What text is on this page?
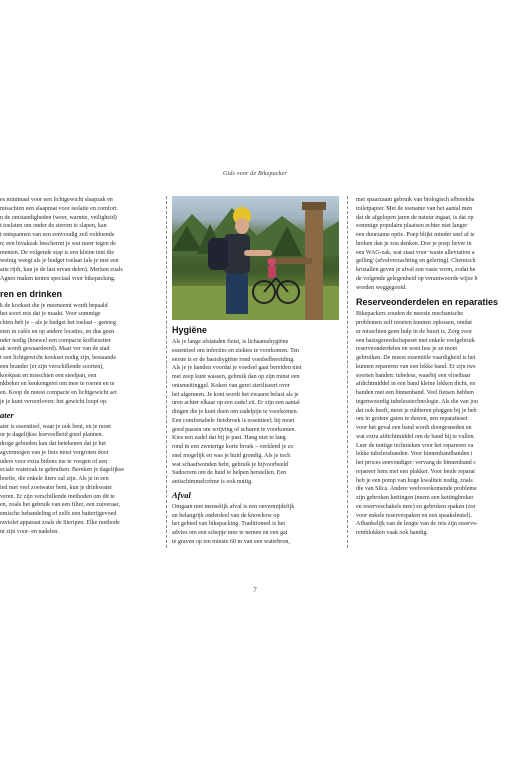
Gids voor de Bikepacker

es minimaal voor een lichtgewicht slaapzak en

misschien een slaapmat voor isolatie en comfort.

n de omstandigheden (weer, warmte, veiligheid)

t toelaten om onder de sterren te slapen, kan

t ontspannen van een eenvoudig zeil voldoende

n; een bivakzak beschermt je wat meer tegen de

menten. De volgende stap is een kleine tent die

weinig weegt als je budget toelaat (als je met een

atie rijdt, kun je de last ervan delen). Merken zoals

Agnes maken tenten speciaal voor bikepacking.

ren en drinken

k de kookset die je meeneemt wordt bepaald

het soort reis dat je maakt. Voor sommige

chten heb je – als je budget het toelaat – genoeg

eten in cafés en op andere locaties, en dus geen

nder nodig (hoewel een compacte koffiezetter

ak wordt gewaardeerd). Maar ver van de stad

t een lichtgewicht kookset nodig zijn, bestaande

een brander (er zijn verschillende soorten),

kookpan en misschien een steelpan, een

nkbeker en keukengerei om mee te roeren en te

en. Koop de meest compacte en lichtgewicht set

je je kunt veroorloven: het gewicht loopt op.

ater

ater is essentieel, waar je ook bent, en je moet

or je dagelijkse hoeveelheid goed plannen.

droge gebieden kan dat betekenen dat je het

agvermogen van je fiets moet vergroten door

uders voor extra bidons toe te voegen of een

eciale waterzak te gebruiken. Bereken je dagelijkse

hoefte, die enkele liters zal zijn. Als je in een

ied met veel zoetwater bent, kun je drinkwater

veren. Er zijn verschillende methoden om dit te

en, zoals het gebruik van een filter, een zuiveraar,

emische behandeling of zelfs een batterijgevoed

raviolet apparaat zoals de Steripen. Elke methode

nt zijn voor- en nadelen.

Hygiëne

Als je lange afstanden fietst, is lichaamshygiëne

essentieel om infecties en ziektes te voorkomen. Ten

eerste is er de basishygiëne rond voedselbereiding.

Als je je handen voordat je voedsel gaat bereiden niet

met zeep kunt wassen, gebruik dan op zijn minst een

ontsmettinggel. Koken van gerei steriliseert over

het algemeen. Je kont wordt het zwaarst belast als je

uren achter elkaar op een zadel zit. Er zijn een aantal

dingen die je kunt doen om zadelpijn te voorkomen.

Een comfortabele fietsbroek is essentieel; hij moet

goed passen om wrijving of schuren te voorkomen.

Kies een zadel dat bij je past. Hang niet te lang

rond in een zweterige korte broek – verkleed je zo

snel mogelijk en was je huid grondig. Als je toch

wat schaafwonden hebt, gebruik je bijvoorbeeld

Sudocrem om de huid te helpen herstellen. Een

antischimmelcrème is ook nuttig.

Afval

Omgaan met menselijk afval is een onvermijdelijk

en belangrijk onderdeel van de knowhow op

het gebied van bikepacking. Traditioneel is het

advies om een schepje mee te nemen en een gat

te graven op ten minste 60 m van een waterbron,

met spaarzaam gebruik van biologisch afbreekba

toiletpapier. Met de toename van het aantal men

dat de afgelopen jaren de natuur ingaat, is dat op

sommige populaire plaatsen echter niet langer

een duurzame optie. Poep blijkt minder snel af te

breken dan je zou denken. Doe je poep liever in

een WAG-zak, wat staat voor 'waste alleviation a

gelling' (afvalverzachting en gelering). Chemisch

kristallen geven je afval een vaste vorm, zodat he

de volgende gelegenheid op verantwoorde wijze h

worden weggegooid.

Reserveonderdelen en reparaties

Bikepackers zouden de meeste mechanische

problemen zelf moeten kunnen oplossen, omdat

er misschien geen hulp in de buurt is. Zorg voor

een basisgereedschapsset met enkele veelgebruik

reserveonderdelen en weet hoe je ze moet

gebruiken. De meest essentiële vaardigheid is het

kunnen repareren van een lekke band. Er zijn twe

soorten banden: tubeless, waarbij een vloeibaar

afdichtmiddel in een band kleine lekken dicht, en

banden met een binnenband. Veel fietsen hebben

tegenwoordig tubelesstechnologie. Als die van jou

dat ook heeft, moet je rubberen pluggen bij je heb

om in grotere gaten te duwen, een reparatieset

voor het geval een band wordt doorgesneden en

wat extra afdichtmiddel om de band bij te vullen.

Leer de nuttige technieken voor het repareren va

lekke tubelessbanden. Voor binnenbandbanden i

het proces eenvoudiger: vervang de binnenband c

repareer hem met een plakker. Voor beide reparat

heb je een pomp van hoge kwaliteit nodig, zoals

die van Silca. Andere veelvoorkomende probleme

zijn gebroken kettingen (neem een kettingbreker

en reserveschakels mee) en gebroken spaken (zor

voor enkele reservespaken en een spaaksleutel).

Afhankelijk van de lengte van de reis zijn reserve-

remblokken vaak ook handig.

7
